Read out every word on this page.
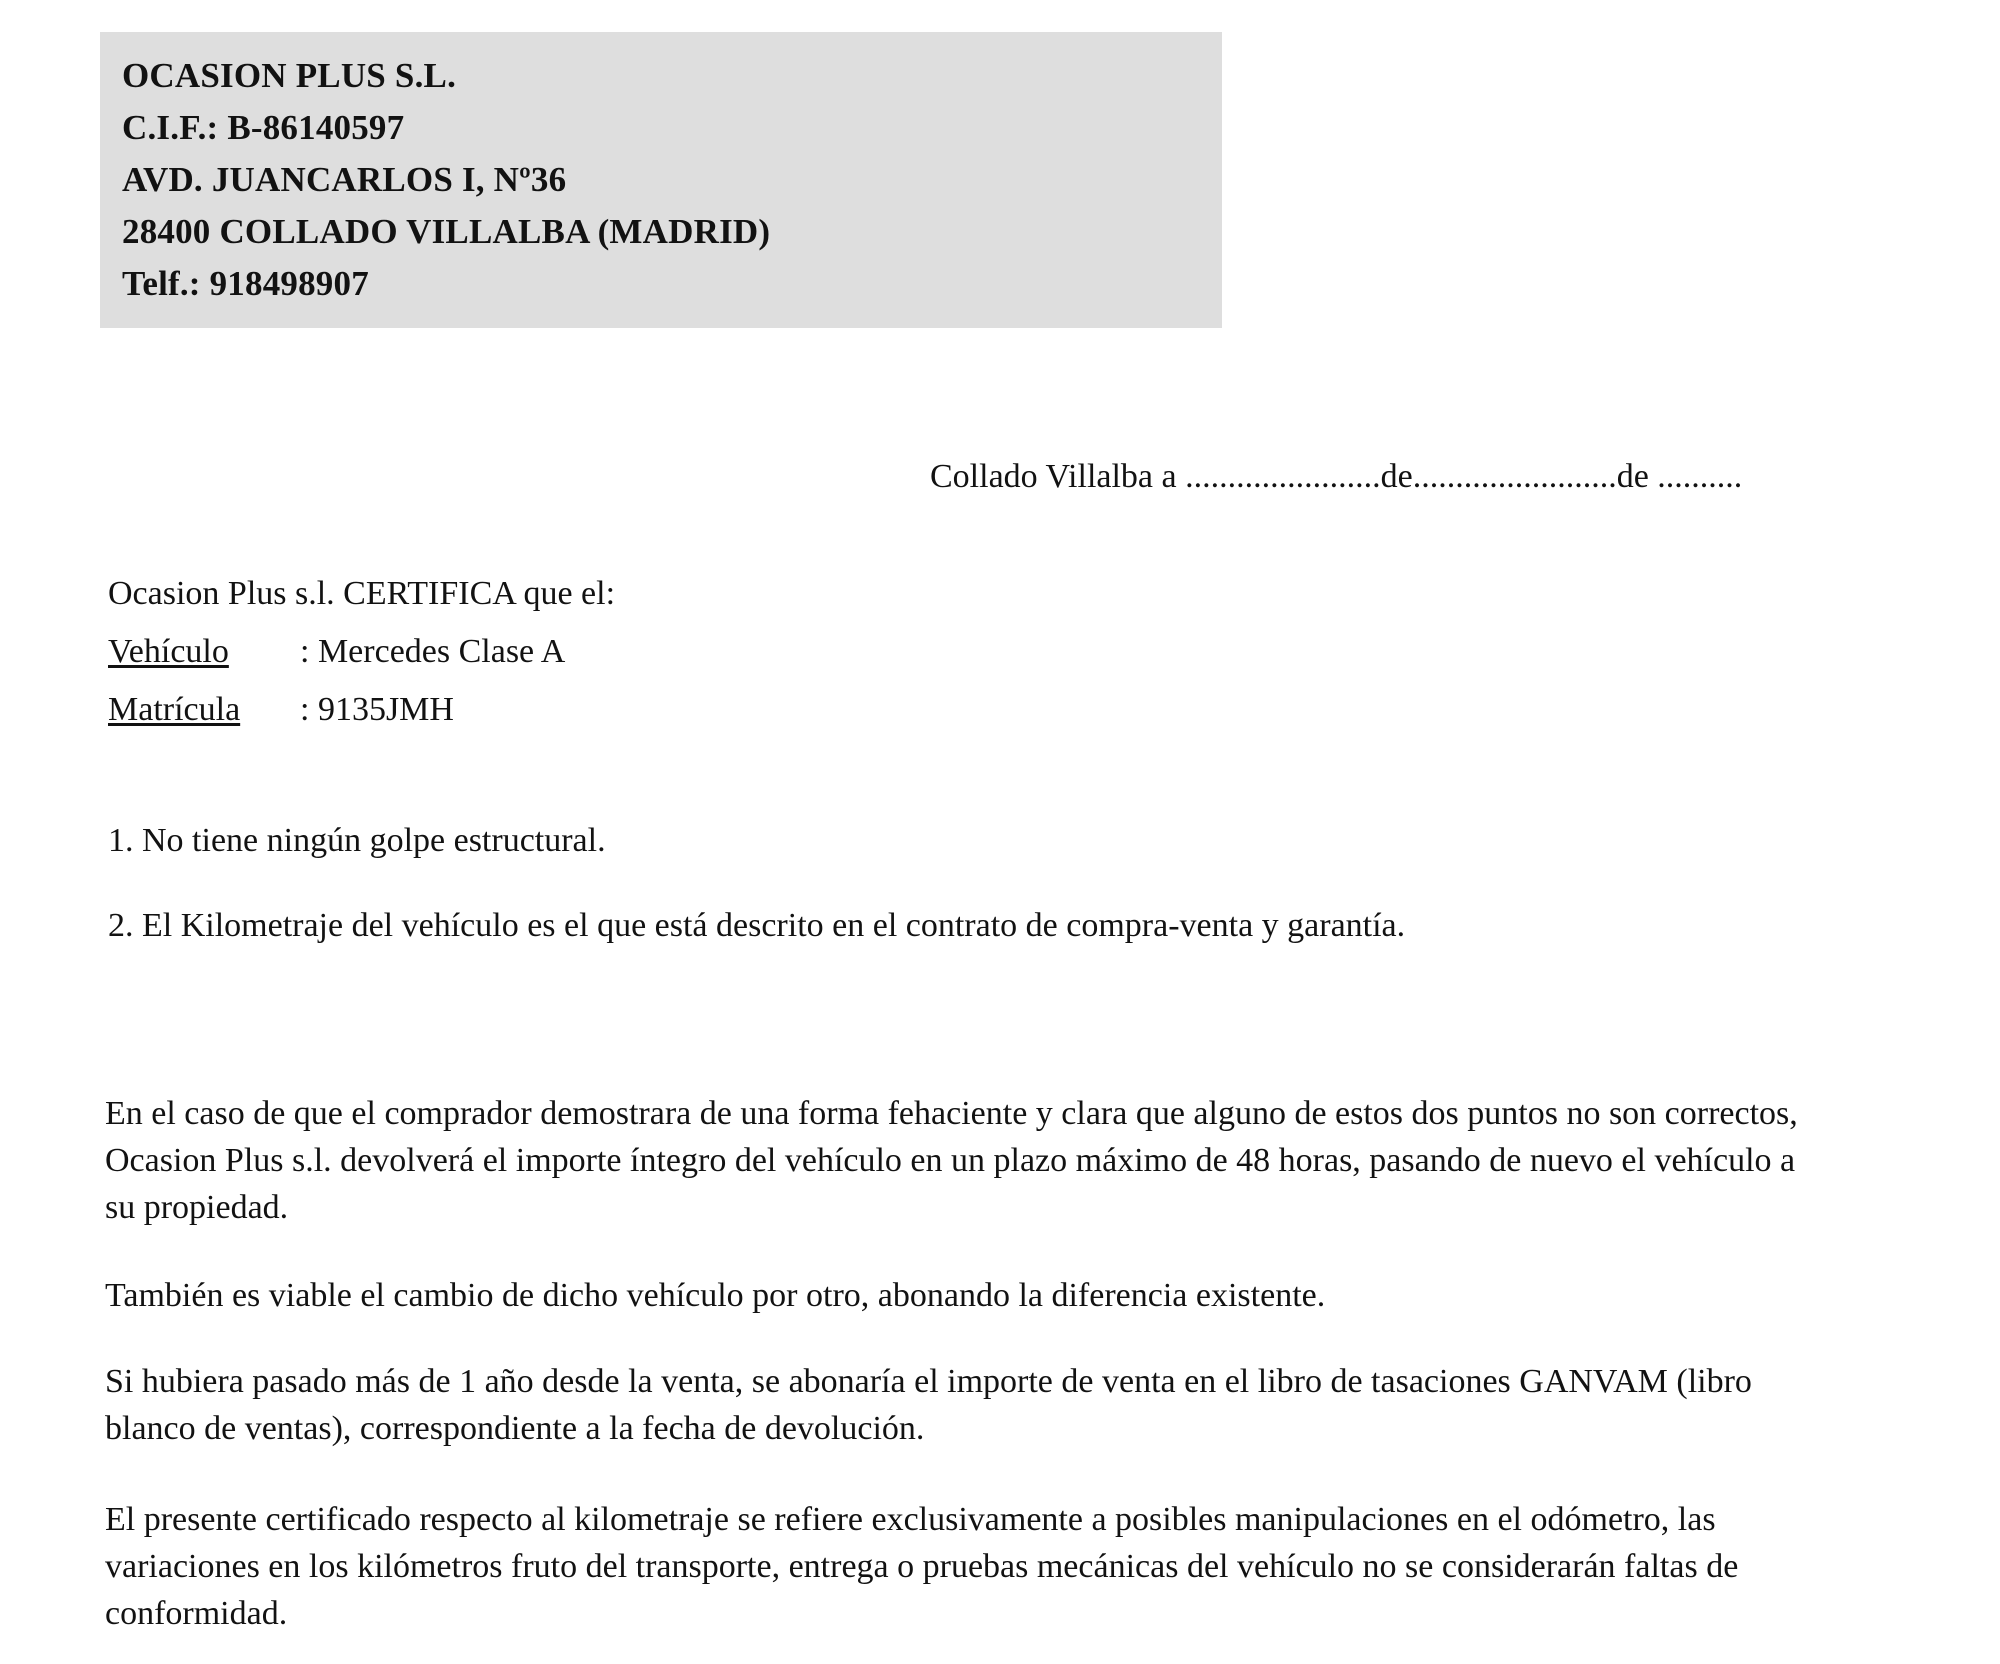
OCASION PLUS S.L.
C.I.F.: B-86140597
AVD. JUANCARLOS I, Nº36
28400 COLLADO VILLALBA (MADRID)
Telf.: 918498907
Collado Villalba a .......................de........................de ..........
Ocasion Plus s.l. CERTIFICA que el:
Vehículo : Mercedes Clase A
Matrícula : 9135JMH
1. No tiene ningún golpe estructural.
2. El Kilometraje del vehículo es el que está descrito en el contrato de compra-venta y garantía.
En el caso de que el comprador demostrara de una forma fehaciente y clara que alguno de estos dos puntos no son correctos, Ocasion Plus s.l. devolverá el importe íntegro del vehículo en un plazo máximo de 48 horas, pasando de nuevo el vehículo a su propiedad.
También es viable el cambio de dicho vehículo por otro, abonando la diferencia existente.
Si hubiera pasado más de 1 año desde la venta, se abonaría el importe de venta en el libro de tasaciones GANVAM (libro blanco de ventas), correspondiente a la fecha de devolución.
El presente certificado respecto al kilometraje se refiere exclusivamente a posibles manipulaciones en el odómetro, las variaciones en los kilómetros fruto del transporte, entrega o pruebas mecánicas del vehículo no se considerarán faltas de conformidad.
